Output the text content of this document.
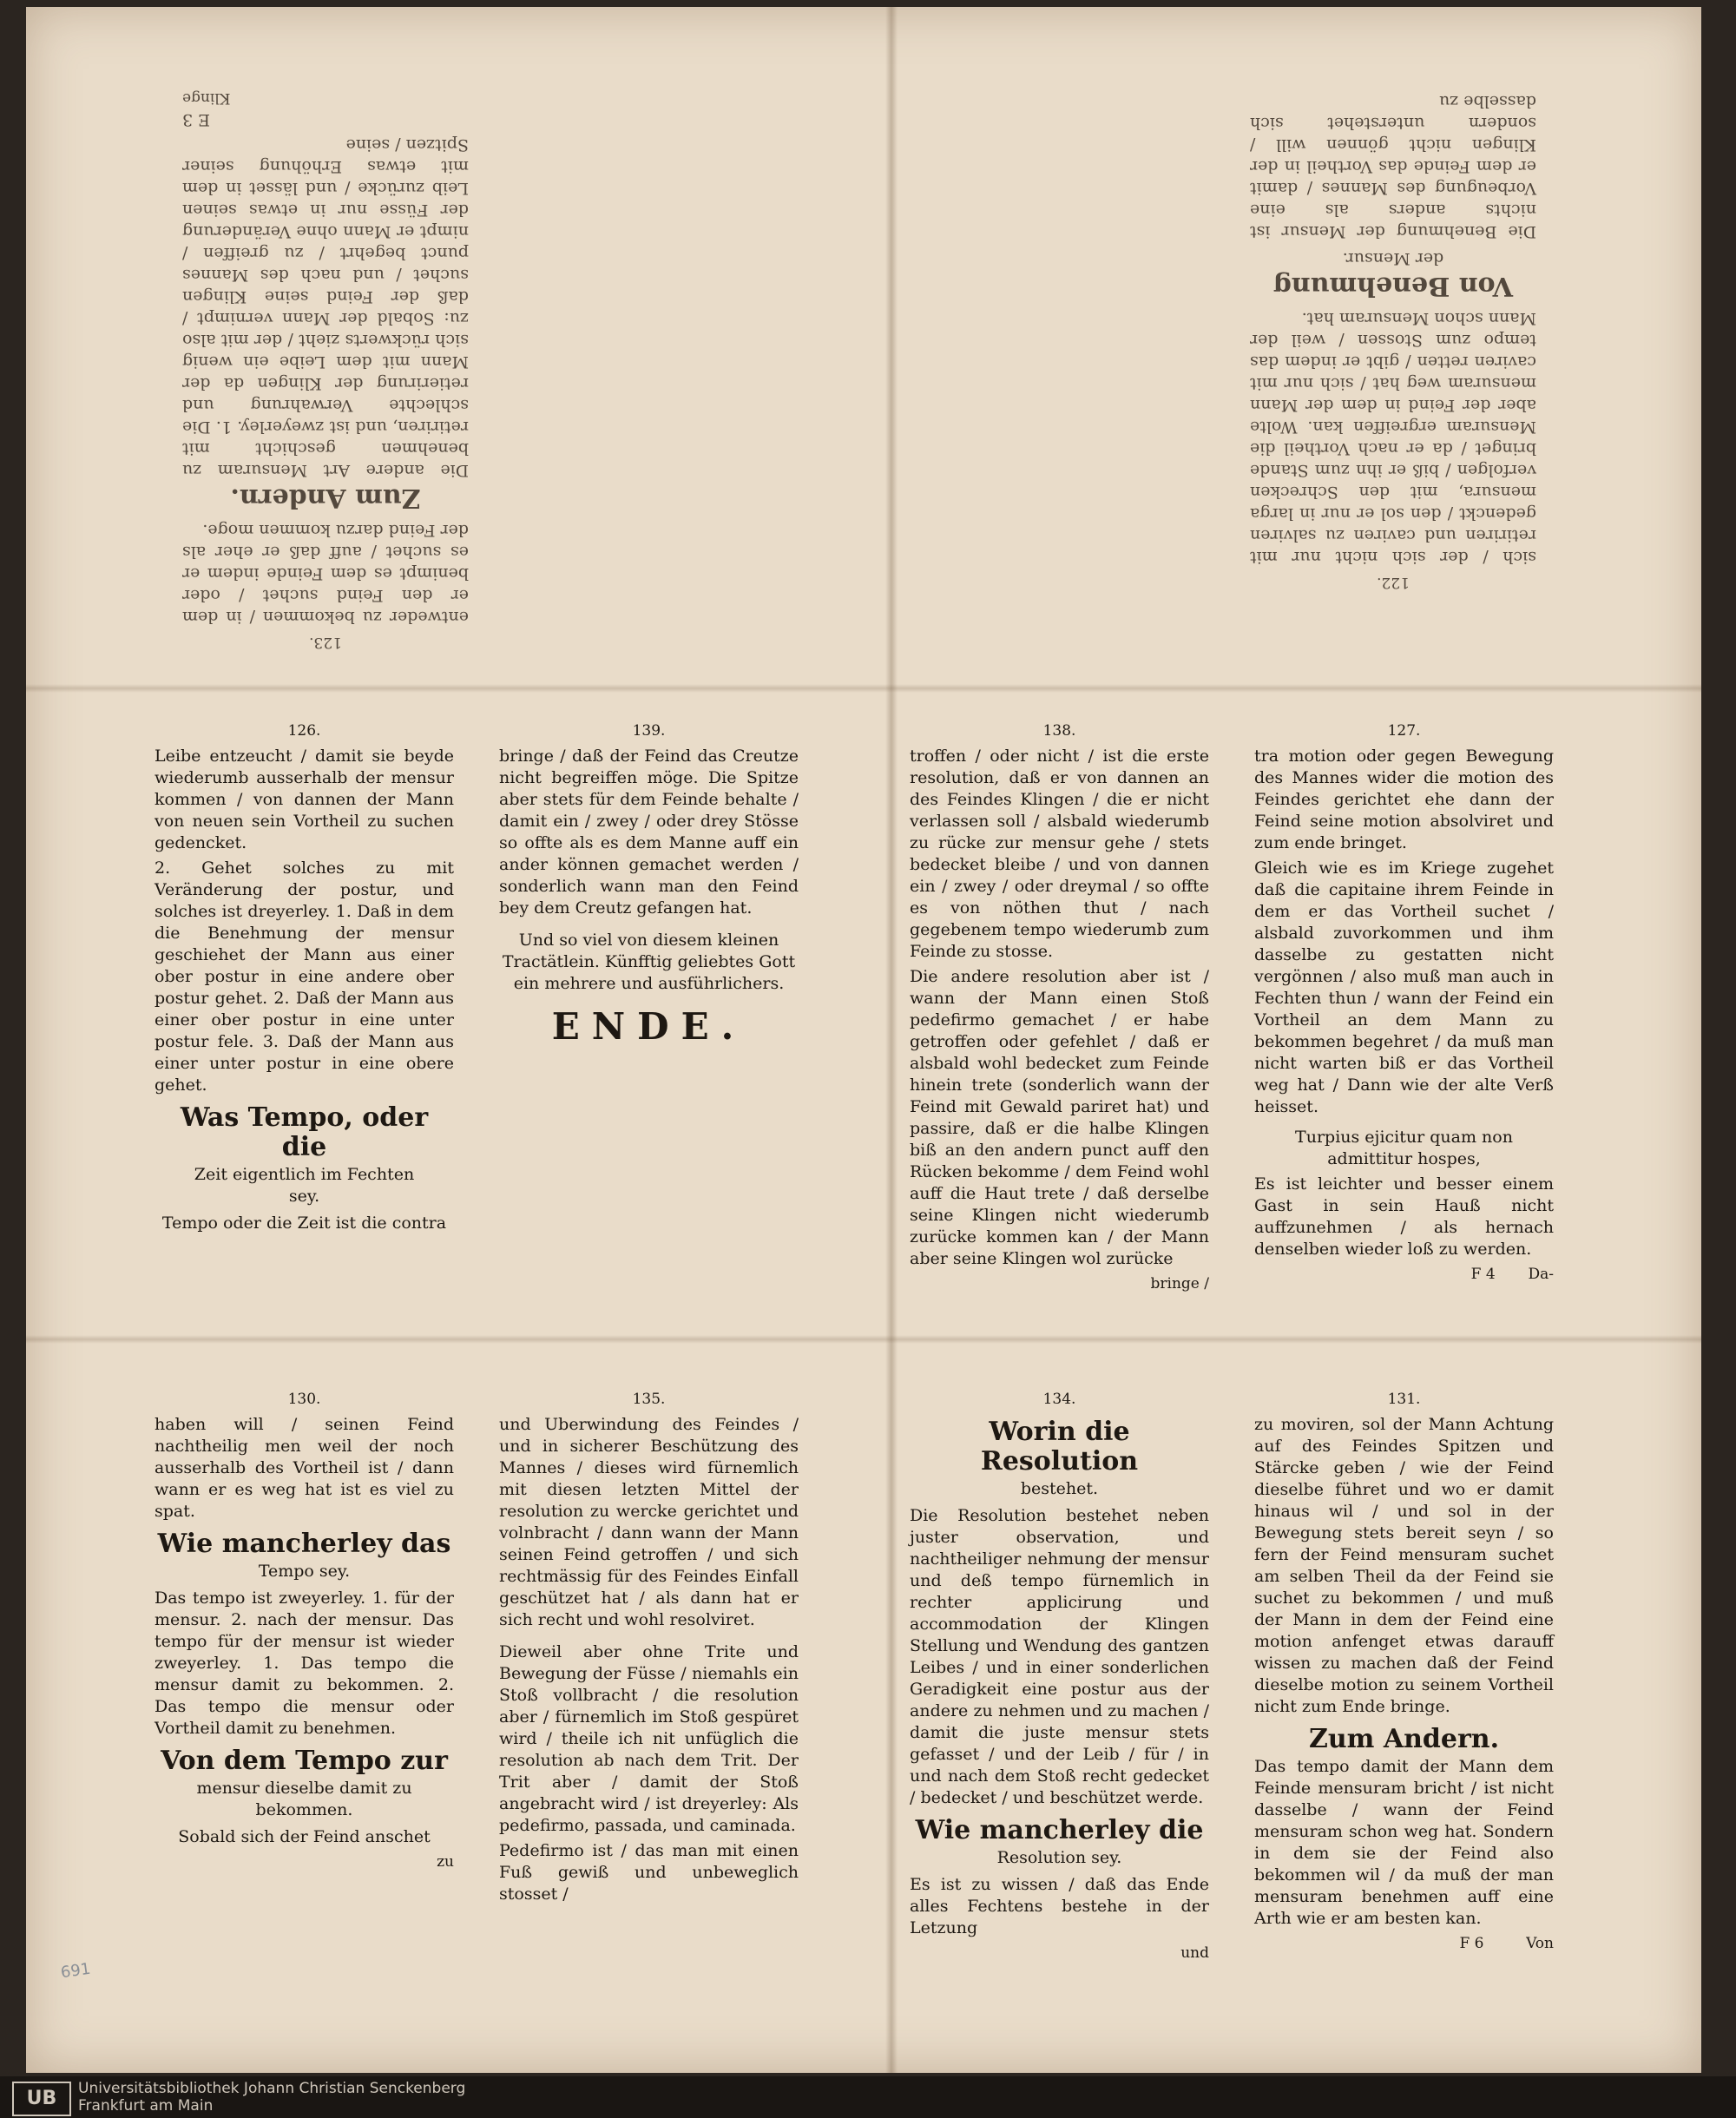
123.

entweder zu bekommen / in dem er den Feind suchet / oder benimpt es dem Feinde indem er es suchet / auff daß er eher als der Feind darzu kommen moge.

Zum Andern.

Die andere Art Mensuram zu benehmen geschicht mit retiriren, und ist zweyerley. 1. Die schlechte Verwahrung und retierirung der Klingen da der Mann mit dem Leibe ein wenig sich rückwerts zieht / der mit also zu: Sobald der Mann vernimpt / daß der Feind seine Klingen suchet / und nach des Mannes punct begehrt / zu greiffen / nimpt er Mann ohne Veränderung der Füsse nur in etwas seinen Leib zurücke / und lässet in dem mit etwas Erhöhung seiner Spitzen / seine

E 3
Klinge
122.

sich / der sich nicht nur mit retiriren und caviren zu salviren gedenckt / den sol er nur in larga mensura, mit den Schrecken verfolgen / biß er ihn zum Stande bringet / da er nach Vortheil die Mensuram ergreiffen kan. Wolte aber der Feind in dem der Mann mensuram weg hat / sich nur mit caviren retten / gibt er indem das tempo zum Stossen / weil der Mann schon Mensuram hat.

Von Benehmung
der Mensur.

Die Benehmung der Mensur ist nichts anders als eine Vorbeugung des Mannes / damit er dem Feinde das Vortheil in der Klingen nicht gönnen will / sondern unterstehet sich dasselbe zu

126.

Leibe entzeucht / damit sie beyde wiederumb ausserhalb der mensur kommen / von dannen der Mann von neuen sein Vortheil zu suchen gedencket.

2. Gehet solches zu mit Veränderung der postur, und solches ist dreyerley. 1. Daß in dem die Benehmung der mensur geschiehet der Mann aus einer ober postur in eine andere ober postur gehet. 2. Daß der Mann aus einer ober postur in eine unter postur fele. 3. Daß der Mann aus einer unter postur in eine obere gehet.

Was Tempo, oder die
Zeit eigentlich im Fechten
sey.

Tempo oder die Zeit ist die contra

139.

bringe / daß der Feind das Creutze nicht begreiffen möge. Die Spitze aber stets für dem Feinde behalte / damit ein / zwey / oder drey Stösse so offte als es dem Manne auff ein ander können gemachet werden / sonderlich wann man den Feind bey dem Creutz gefangen hat.

Und so viel von diesem kleinen Tractätlein. Künfftig geliebtes Gott ein mehrere und ausführlichers.

ENDE.
138.

troffen / oder nicht / ist die erste resolution, daß er von dannen an des Feindes Klingen / die er nicht verlassen soll / alsbald wiederumb zu rücke zur mensur gehe / stets bedecket bleibe / und von dannen ein / zwey / oder dreymal / so offte es von nöthen thut / nach gegebenem tempo wiederumb zum Feinde zu stosse.

Die andere resolution aber ist / wann der Mann einen Stoß pedefirmo gemachet / er habe getroffen oder gefehlet / daß er alsbald wohl bedecket zum Feinde hinein trete (sonderlich wann der Feind mit Gewald pariret hat) und passire, daß er die halbe Klingen biß an den andern punct auff den Rücken bekomme / dem Feind wohl auff die Haut trete / daß derselbe seine Klingen nicht wiederumb zurücke kommen kan / der Mann aber seine Klingen wol zurücke

bringe /
127.

tra motion oder gegen Bewegung des Mannes wider die motion des Feindes gerichtet ehe dann der Feind seine motion absolviret und zum ende bringet.

Gleich wie es im Kriege zugehet daß die capitaine ihrem Feinde in dem er das Vortheil suchet / alsbald zuvorkommen und ihm dasselbe zu gestatten nicht vergönnen / also muß man auch in Fechten thun / wann der Feind ein Vortheil an dem Mann zu bekommen begehret / da muß man nicht warten biß er das Vortheil weg hat / Dann wie der alte Verß heisset.

Turpius ejicitur quam non admittitur hospes,

Es ist leichter und besser einem Gast in sein Hauß nicht auffzunehmen / als hernach denselben wieder loß zu werden.

F 4 Da-
130.

haben will / seinen Feind nachtheilig men weil der noch ausserhalb des Vortheil ist / dann wann er es weg hat ist es viel zu spat.

Wie mancherley das
Tempo sey.

Das tempo ist zweyerley. 1. für der mensur. 2. nach der mensur. Das tempo für der mensur ist wieder zweyerley. 1. Das tempo die mensur damit zu bekommen. 2. Das tempo die mensur oder Vortheil damit zu benehmen.

Von dem Tempo zur
mensur dieselbe damit zu bekommen.

Sobald sich der Feind anschet

zu
135.

und Uberwindung des Feindes / und in sicherer Beschützung des Mannes / dieses wird fürnemlich mit diesen letzten Mittel der resolution zu wercke gerichtet und volnbracht / dann wann der Mann seinen Feind getroffen / und sich rechtmässig für des Feindes Einfall geschützet hat / als dann hat er sich recht und wohl resolviret.

Dieweil aber ohne Trite und Bewegung der Füsse / niemahls ein Stoß vollbracht / die resolution aber / fürnemlich im Stoß gespüret wird / theile ich nit unfüglich die resolution ab nach dem Trit. Der Trit aber / damit der Stoß angebracht wird / ist dreyerley: Als pedefirmo, passada, und caminada.

Pedefirmo ist / das man mit einen Fuß gewiß und unbeweglich stosset /

134.
Worin die Resolution
bestehet.

Die Resolution bestehet neben juster observation, und nachtheiliger nehmung der mensur und deß tempo fürnemlich in rechter applicirung und accommodation der Klingen Stellung und Wendung des gantzen Leibes / und in einer sonderlichen Geradigkeit eine postur aus der andere zu nehmen und zu machen / damit die juste mensur stets gefasset / und der Leib / für / in und nach dem Stoß recht gedecket / bedecket / und beschützet werde.

Wie mancherley die
Resolution sey.

Es ist zu wissen / daß das Ende alles Fechtens bestehe in der Letzung

und
131.

zu moviren, sol der Mann Achtung auf des Feindes Spitzen und Stärcke geben / wie der Feind dieselbe führet und wo er damit hinaus wil / und sol in der Bewegung stets bereit seyn / so fern der Feind mensuram suchet am selben Theil da der Feind sie suchet zu bekommen / und muß der Mann in dem der Feind eine motion anfenget etwas darauff wissen zu machen daß der Feind dieselbe motion zu seinem Vortheil nicht zum Ende bringe.

Zum Andern.

Das tempo damit der Mann dem Feinde mensuram bricht / ist nicht dasselbe / wann der Feind mensuram schon weg hat. Sondern in dem sie der Feind also bekommen wil / da muß der man mensuram benehmen auff eine Arth wie er am besten kan.

F 6	Von
691
UB	Universitätsbibliothek Johann Christian Senckenberg
Frankfurt am Main
